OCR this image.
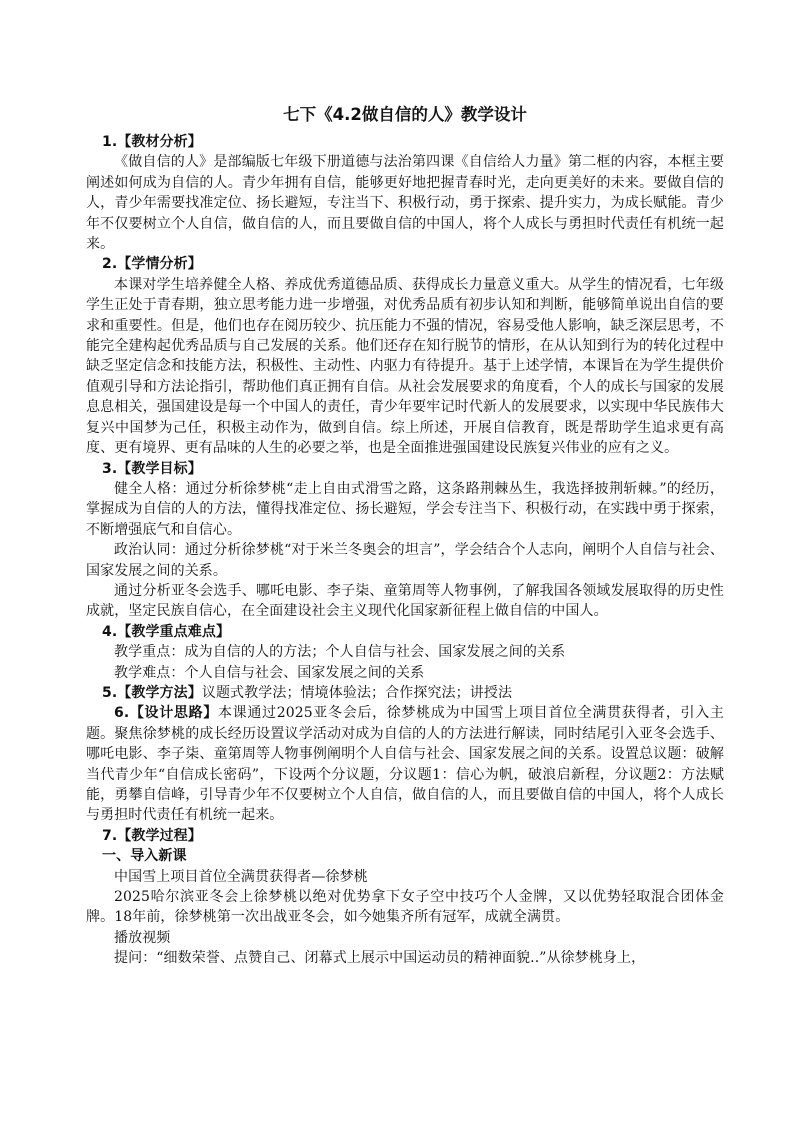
七下《4.2做自信的人》教学设计

1.【教材分析】

《做自信的人》是部编版七年级下册道德与法治第四课《自信给人力量》第二框的内容，本框主要阐述如何成为自信的人。青少年拥有自信，能够更好地把握青春时光，走向更美好的未来。要做自信的人，青少年需要找准定位、扬长避短，专注当下、积极行动，勇于探索、提升实力，为成长赋能。青少年不仅要树立个人自信，做自信的人，而且要做自信的中国人，将个人成长与勇担时代责任有机统一起来。

2.【学情分析】

本课对学生培养健全人格、养成优秀道德品质、获得成长力量意义重大。从学生的情况看，七年级学生正处于青春期，独立思考能力进一步增强，对优秀品质有初步认知和判断，能够简单说出自信的要求和重要性。但是，他们也存在阅历较少、抗压能力不强的情况，容易受他人影响，缺乏深层思考，不能完全建构起优秀品质与自己发展的关系。他们还存在知行脱节的情形，在从认知到行为的转化过程中缺乏坚定信念和技能方法，积极性、主动性、内驱力有待提升。基于上述学情，本课旨在为学生提供价值观引导和方法论指引，帮助他们真正拥有自信。从社会发展要求的角度看，个人的成长与国家的发展息息相关，强国建设是每一个中国人的责任，青少年要牢记时代新人的发展要求，以实现中华民族伟大复兴中国梦为己任，积极主动作为，做到自信。综上所述，开展自信教育，既是帮助学生追求更有高度、更有境界、更有品味的人生的必要之举，也是全面推进强国建设民族复兴伟业的应有之义。

3.【教学目标】

健全人格：通过分析徐梦桃“走上自由式滑雪之路，这条路荆棘丛生，我选择披荆斩棘。”的经历，掌握成为自信的人的方法，懂得找准定位、扬长避短，学会专注当下、积极行动，在实践中勇于探索，不断增强底气和自信心。

政治认同：通过分析徐梦桃“对于米兰冬奥会的坦言”，学会结合个人志向，阐明个人自信与社会、国家发展之间的关系。

通过分析亚冬会选手、哪吒电影、李子柒、童第周等人物事例，了解我国各领域发展取得的历史性成就，坚定民族自信心，在全面建设社会主义现代化国家新征程上做自信的中国人。

4.【教学重点难点】

教学重点：成为自信的人的方法；个人自信与社会、国家发展之间的关系

教学难点：个人自信与社会、国家发展之间的关系

5.【教学方法】议题式教学法；情境体验法；合作探究法；讲授法

6.【设计思路】本课通过2025亚冬会后，徐梦桃成为中国雪上项目首位全满贯获得者，引入主题。聚焦徐梦桃的成长经历设置议学活动对成为自信的人的方法进行解读，同时结尾引入亚冬会选手、哪吒电影、李子柒、童第周等人物事例阐明个人自信与社会、国家发展之间的关系。设置总议题：破解当代青少年“自信成长密码”，下设两个分议题，分议题1：信心为帆，破浪启新程，分议题2：方法赋能，勇攀自信峰，引导青少年不仅要树立个人自信，做自信的人，而且要做自信的中国人，将个人成长与勇担时代责任有机统一起来。

7.【教学过程】

一、导入新课

中国雪上项目首位全满贯获得者—徐梦桃

2025哈尔滨亚冬会上徐梦桃以绝对优势拿下女子空中技巧个人金牌，又以优势轻取混合团体金牌。18年前，徐梦桃第一次出战亚冬会，如今她集齐所有冠军，成就全满贯。

播放视频

提问：“细数荣誉、点赞自己、闭幕式上展示中国运动员的精神面貌..”从徐梦桃身上，
